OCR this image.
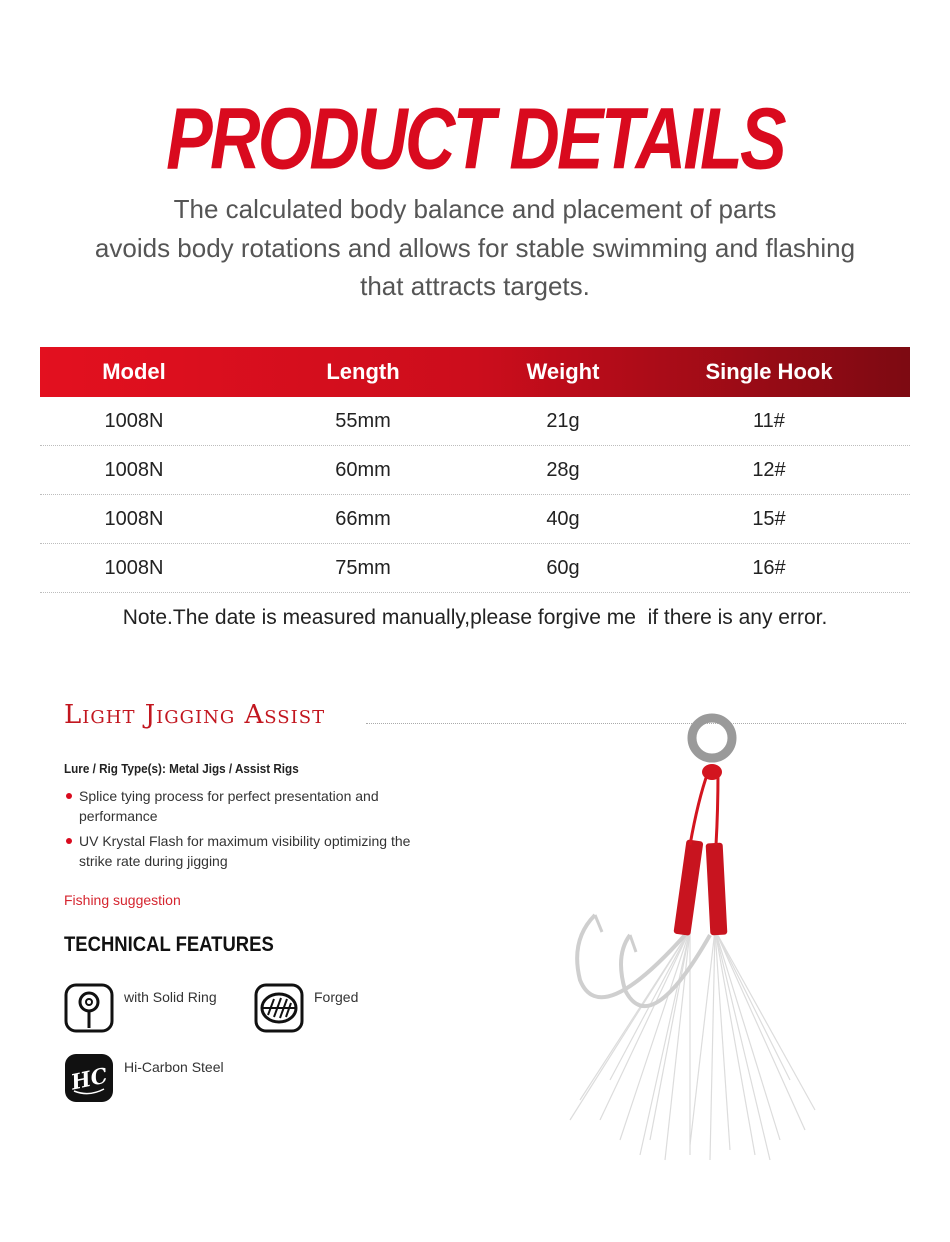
PRODUCT DETAILS
The calculated body balance and placement of parts
avoids body rotations and allows for stable swimming and flashing
that attracts targets.
Model	Length	Weight	Single Hook
1008N	55mm	21g	11#
1008N	60mm	28g	12#
1008N	66mm	40g	15#
1008N	75mm	60g	16#
Note.The date is measured manually,please forgive me  if there is any error.
Light Jigging Assist
Lure / Rig Type(s): Metal Jigs / Assist Rigs
Splice tying process for perfect presentation and performance
UV Krystal Flash for maximum visibility optimizing the strike rate during jigging
Fishing suggestion
TECHNICAL FEATURES
with Solid Ring	Forged
HC Hi-Carbon Steel
